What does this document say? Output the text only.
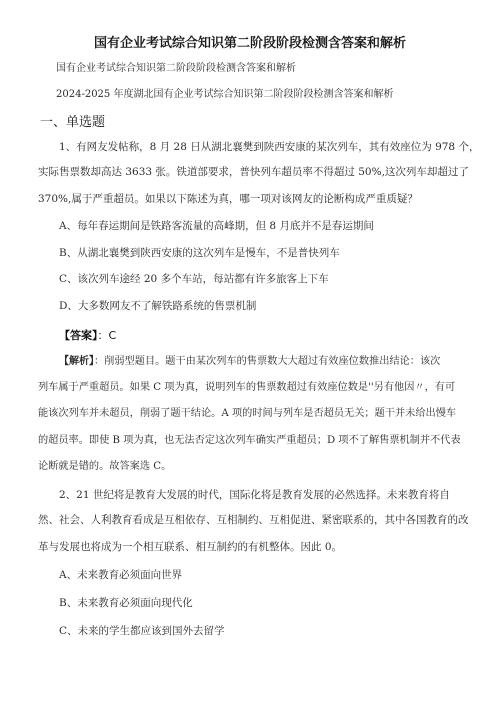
国有企业考试综合知识第二阶段阶段检测含答案和解析
国有企业考试综合知识第二阶段阶段检测含答案和解析
2024-2025 年度湖北国有企业考试综合知识第二阶段阶段检测含答案和解析
一、单选题
1、有网友发帖称，8 月 28 日从湖北襄樊到陕西安康的某次列车，其有效座位为 978 个，
实际售票数却高达 3633 张。铁道部要求，普快列车超员率不得超过 50%,这次列车却超过了
370%,属于严重超员。如果以下陈述为真，哪一项对该网友的论断构成严重质疑？
A、每年春运期间是铁路客流量的高峰期，但 8 月底并不是春运期间
B、从湖北襄樊到陕西安康的这次列车是慢车，不是普快列车
C、该次列车途经 20 多个车站，每站都有许多旅客上下车
D、大多数网友不了解铁路系统的售票机制
【答案】：C
【解析】：削弱型题目。题干由某次列车的售票数大大超过有效座位数推出结论：该次
列车属于严重超员。如果 C 项为真，说明列车的售票数超过有效座位数是''另有他因〃，有可
能该次列车并未超员，削弱了题干结论。A 项的时间与列车是否超员无关；题干并未给出慢车
的超员率。即使 B 项为真，也无法否定这次列车确实严重超员；D 项不了解售票机制并不代表
论断就是错的。故答案选 C。
2、21 世纪将是教育大发展的时代，国际化将是教育发展的必然选择。未来教育将自
然、社会、人利教育看成是互相依存、互相制约、互相促进、紧密联系的，其中各国教育的改
革与发展也将成为一个相互联系、相互制约的有机整体。因此 0。
A、未来教育必须面向世界
B、未来教育必须面向现代化
C、未来的学生都应该到国外去留学
